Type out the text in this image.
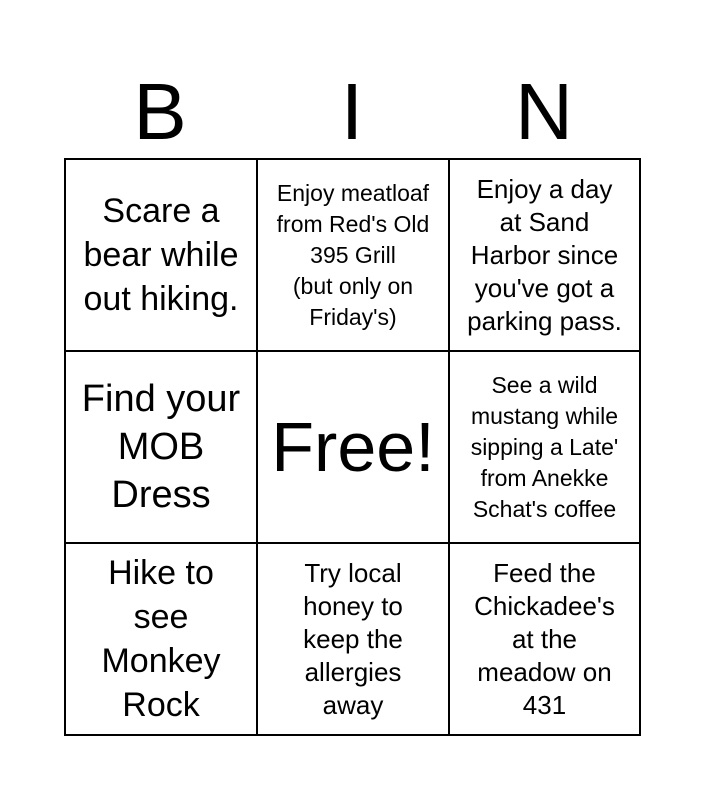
B	I	N
Scare a
bear while
out hiking.
Enjoy meatloaf
from Red's Old
395 Grill
(but only on
Friday's)
Enjoy a day
at Sand
Harbor since
you've got a
parking pass.
Find your
MOB
Dress
Free!
See a wild
mustang while
sipping a Late'
from Anekke
Schat's coffee
Hike to
see
Monkey
Rock
Try local
honey to
keep the
allergies
away
Feed the
Chickadee's
at the
meadow on
431
